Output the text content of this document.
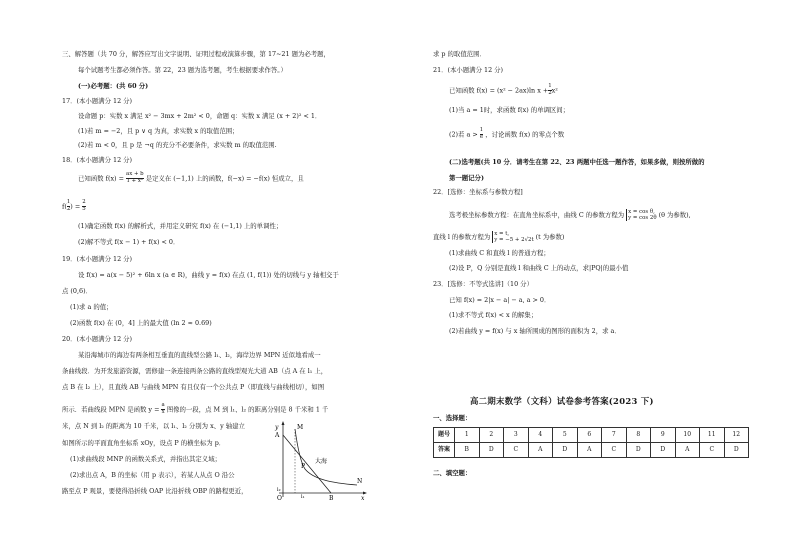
三、解答题（共 70 分，解答应写出文字说明、证明过程或演算步骤，第 17~21 题为必考题，
每个试题考生都必须作答。第 22，23 题为选考题，考生根据要求作答。）
(一)必考题：(共 60 分)
17．(本小题满分 12 分)
设命题 p：实数 x 满足 x² − 3mx + 2m² < 0，命题 q：实数 x 满足 (x + 2)² < 1．
(1)若 m = −2，且 p ∨ q 为真，求实数 x 的取值范围；
(2)若 m < 0，且 p 是 ¬q 的充分不必要条件，求实数 m 的取值范围.
18．(本小题满分 12 分)
已知函数 $f(x) = \frac{ax + b}{\text{1 + x²}}$ 是定义在 (−1,1) 上的函数，f(−x) = −f(x) 恒成立，且
$f( \frac{1}{2}$ ) = $\frac{2}{5}$
(1)确定函数 f(x) 的解析式，并用定义研究 f(x) 在 (−1,1) 上的单调性；
(2)解不等式 f(x − 1) + f(x) < 0．
19．(本小题满分 12 分)
设 f(x) = a(x − 5)² + 6ln x (a ∈ R)，曲线 y = f(x) 在点 (1, f(1)) 处的切线与 y 轴相交于
点 (0,6)．
(1)求 a 的值；
(2)函数 f(x) 在 (0，4] 上的最大值 (ln 2 ≈ 0.69)
20．(本小题满分 12 分)
某沿海城市的海边有两条相互垂直的直线型公路 l₁、l₂，海岸边界 MPN 近似地看成一
条曲线段．为开发旅游资源，需修建一条连接两条公路的直线型观光大道 AB（点 A 在 l₁ 上，
点 B 在 l₂ 上），且直线 AB 与曲线 MPN 有且仅有一个公共点 P（即直线与曲线相切），如图
所示．若曲线段 MPN 是函数 $y = \frac{a}{x}$ 图像的一段，点 M 到 l₁、l₂ 的距离分别是 8 千米和 1 千
米，点 N 到 l₂ 的距离为 10 千米，以 l₁、l₂ 分别为 x、y 轴建立
如图所示的平面直角坐标系 xOy，设点 P 的横坐标为 p．
(1)求曲线段 MNP 的函数关系式，并指出其定义域；
(2)求出点 A，B 的坐标（用 p 表示），若某人从点 O 沿公
路至点 P 观景，要使得沿折线 OAP 比沿折线 OBP 的路程更近，
y
x
O
A
M
P
N
B
l₁
l₂
大海
求 p 的取值范围．
21．(本小题满分 12 分)
已知函数 f(x) = (x² − 2ax)ln $x + \frac{1}{2} x^2$
(1)当 a = 1时，求函数 f(x) 的单调区间；
(2)若 $a > \frac{1}{e}$ ，讨论函数 f(x) 的零点个数
(二)选考题(共 10 分．请考生在第 22、23 两题中任选一题作答，如果多做，则按所做的
第一题记分)
22．[选修：坐标系与参数方程]
选考极坐标参数方程：在直角坐标系中，曲线 C 的参数方程为 x = cos θ,
y = cos 2θ (θ 为参数),
直线 l 的参数方程为 x = t,
y = −5 + 2√2t (t 为参数)
(1)求曲线 C 和直线 l 的普通方程；
(2)设 P，Q 分别是直线 l 和曲线 C 上的动点，求|PQ|的最小值
23．[选修：不等式选讲]（10 分）
已知 f(x) = 2|x − a| − a, a > 0．
(1)求不等式 f(x) < x 的解集；
(2)若曲线 y = f(x) 与 x 轴所围成的图形的面积为 2，求 a．
高二期末数学（文科）试卷参考答案(2023 下)
一、选择题：
题号	1	2	3	4	5	6	7	8	9	10	11	12
答案	B	D	C	A	D	A	C	D	D	A	C	D
二、填空题：
